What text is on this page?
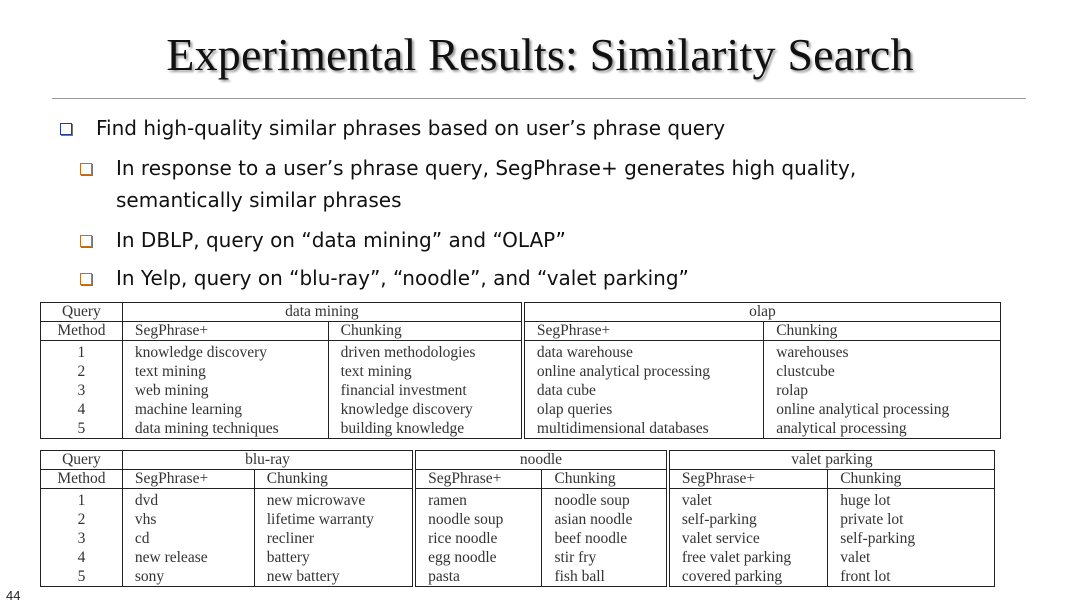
Experimental Results: Similarity Search
Find high-quality similar phrases based on user’s phrase query
In response to a user’s phrase query, SegPhrase+ generates high quality, semantically similar phrases
In DBLP, query on “data mining” and “OLAP”
In Yelp, query on “blu-ray”, “noodle”, and “valet parking”
Query	data mining		olap	
Method	SegPhrase+	Chunking	SegPhrase+	Chunking
1	knowledge discovery	driven methodologies	data warehouse	warehouses
2	text mining	text mining	online analytical processing	clustcube
3	web mining	financial investment	data cube	rolap
4	machine learning	knowledge discovery	olap queries	online analytical processing
5	data mining techniques	building knowledge	multidimensional databases	analytical processing
Query	blu-ray		noodle		valet parking	
Method	SegPhrase+	Chunking	SegPhrase+	Chunking	SegPhrase+	Chunking
1	dvd	new microwave	ramen	noodle soup	valet	huge lot
2	vhs	lifetime warranty	noodle soup	asian noodle	self-parking	private lot
3	cd	recliner	rice noodle	beef noodle	valet service	self-parking
4	new release	battery	egg noodle	stir fry	free valet parking	valet
5	sony	new battery	pasta	fish ball	covered parking	front lot
44
